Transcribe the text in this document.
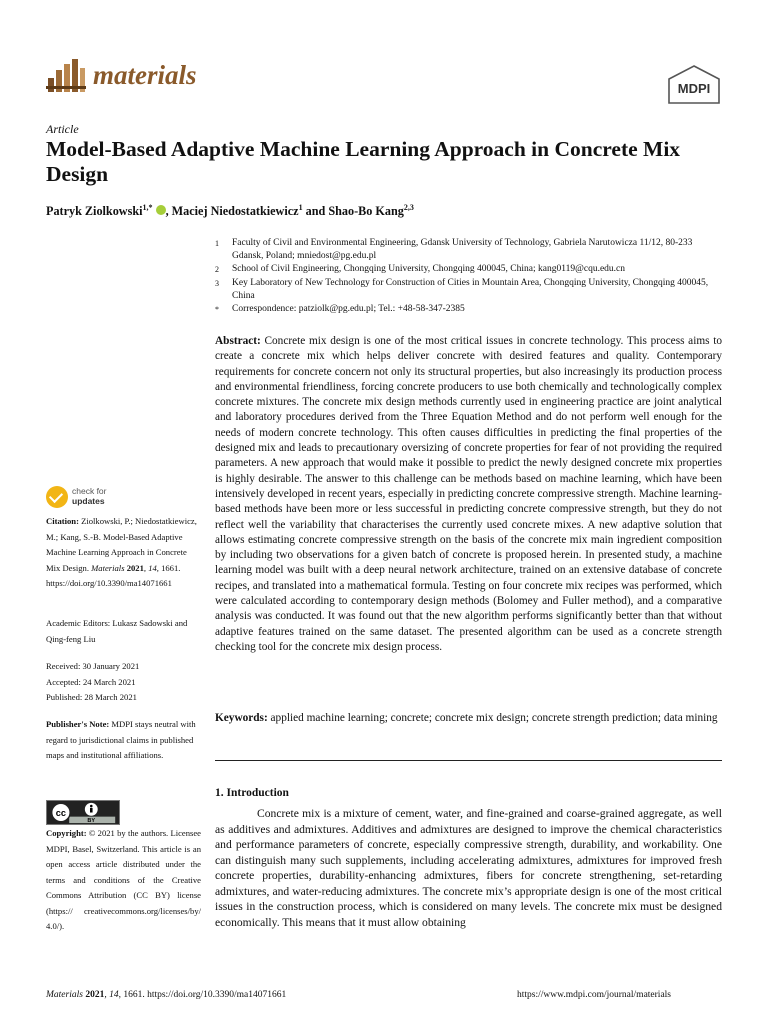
materials	MDPI
Article
Model-Based Adaptive Machine Learning Approach in Concrete Mix Design
Patryk Ziolkowski$^{1,*}$ , Maciej Niedostatkiewicz$^1$ and Shao-Bo Kang$^{2,3}$
1	Faculty of Civil and Environmental Engineering, Gdansk University of Technology, Gabriela Narutowicza 11/12, 80-233 Gdansk, Poland; mniedost@pg.edu.pl
2	School of Civil Engineering, Chongqing University, Chongqing 400045, China; kang0119@cqu.edu.cn
3	Key Laboratory of New Technology for Construction of Cities in Mountain Area, Chongqing University, Chongqing 400045, China
*	Correspondence: patziolk@pg.edu.pl; Tel.: +48-58-347-2385
Abstract: Concrete mix design is one of the most critical issues in concrete technology. This process aims to create a concrete mix which helps deliver concrete with desired features and quality. Contemporary requirements for concrete concern not only its structural properties, but also increasingly its production process and environmental friendliness, forcing concrete producers to use both chemically and technologically complex concrete mixtures. The concrete mix design methods currently used in engineering practice are joint analytical and laboratory procedures derived from the Three Equation Method and do not perform well enough for the needs of modern concrete technology. This often causes difficulties in predicting the final properties of the designed mix and leads to precautionary oversizing of concrete properties for fear of not providing the required parameters. A new approach that would make it possible to predict the newly designed concrete mix properties is highly desirable. The answer to this challenge can be methods based on machine learning, which have been intensively developed in recent years, especially in predicting concrete compressive strength. Machine learning-based methods have been more or less successful in predicting concrete compressive strength, but they do not reflect well the variability that characterises the currently used concrete mixes. A new adaptive solution that allows estimating concrete compressive strength on the basis of the concrete mix main ingredient composition by including two observations for a given batch of concrete is proposed herein. In presented study, a machine learning model was built with a deep neural network architecture, trained on an extensive database of concrete recipes, and translated into a mathematical formula. Testing on four concrete mix recipes was performed, which were calculated according to contemporary design methods (Bolomey and Fuller method), and a comparative analysis was conducted. It was found out that the new algorithm performs significantly better than that without adaptive features trained on the same dataset. The presented algorithm can be used as a concrete strength checking tool for the concrete mix design process.
Keywords: applied machine learning; concrete; concrete mix design; concrete strength prediction; data mining
check for
updates
Citation: Ziolkowski, P.; Niedostatkiewicz, M.; Kang, S.-B. Model-Based Adaptive Machine Learning Approach in Concrete Mix Design. Materials 2021, 14, 1661. https://doi.org/10.3390/ma14071661
Academic Editors: Lukasz Sadowski and Qing-feng Liu
Received: 30 January 2021
Accepted: 24 March 2021
Published: 28 March 2021
Publisher's Note: MDPI stays neutral with regard to jurisdictional claims in published maps and institutional affiliations.
cc
BY
Copyright: © 2021 by the authors. Licensee MDPI, Basel, Switzerland. This article is an open access article distributed under the terms and conditions of the Creative Commons Attribution (CC BY) license (https:// creativecommons.org/licenses/by/ 4.0/).
1. Introduction

Concrete mix is a mixture of cement, water, and fine-grained and coarse-grained aggregate, as well as additives and admixtures. Additives and admixtures are designed to improve the chemical characteristics and performance parameters of concrete, especially compressive strength, durability, and workability. One can distinguish many such supplements, including accelerating admixtures, admixtures for improved fresh concrete properties, durability-enhancing admixtures, fibers for concrete strengthening, set-retarding admixtures, and water-reducing admixtures. The concrete mix’s appropriate design is one of the most critical issues in the construction process, which is considered on many levels. The concrete mix must be designed economically. This means that it must allow obtaining

Materials 2021, 14, 1661. https://doi.org/10.3390/ma14071661	https://www.mdpi.com/journal/materials
